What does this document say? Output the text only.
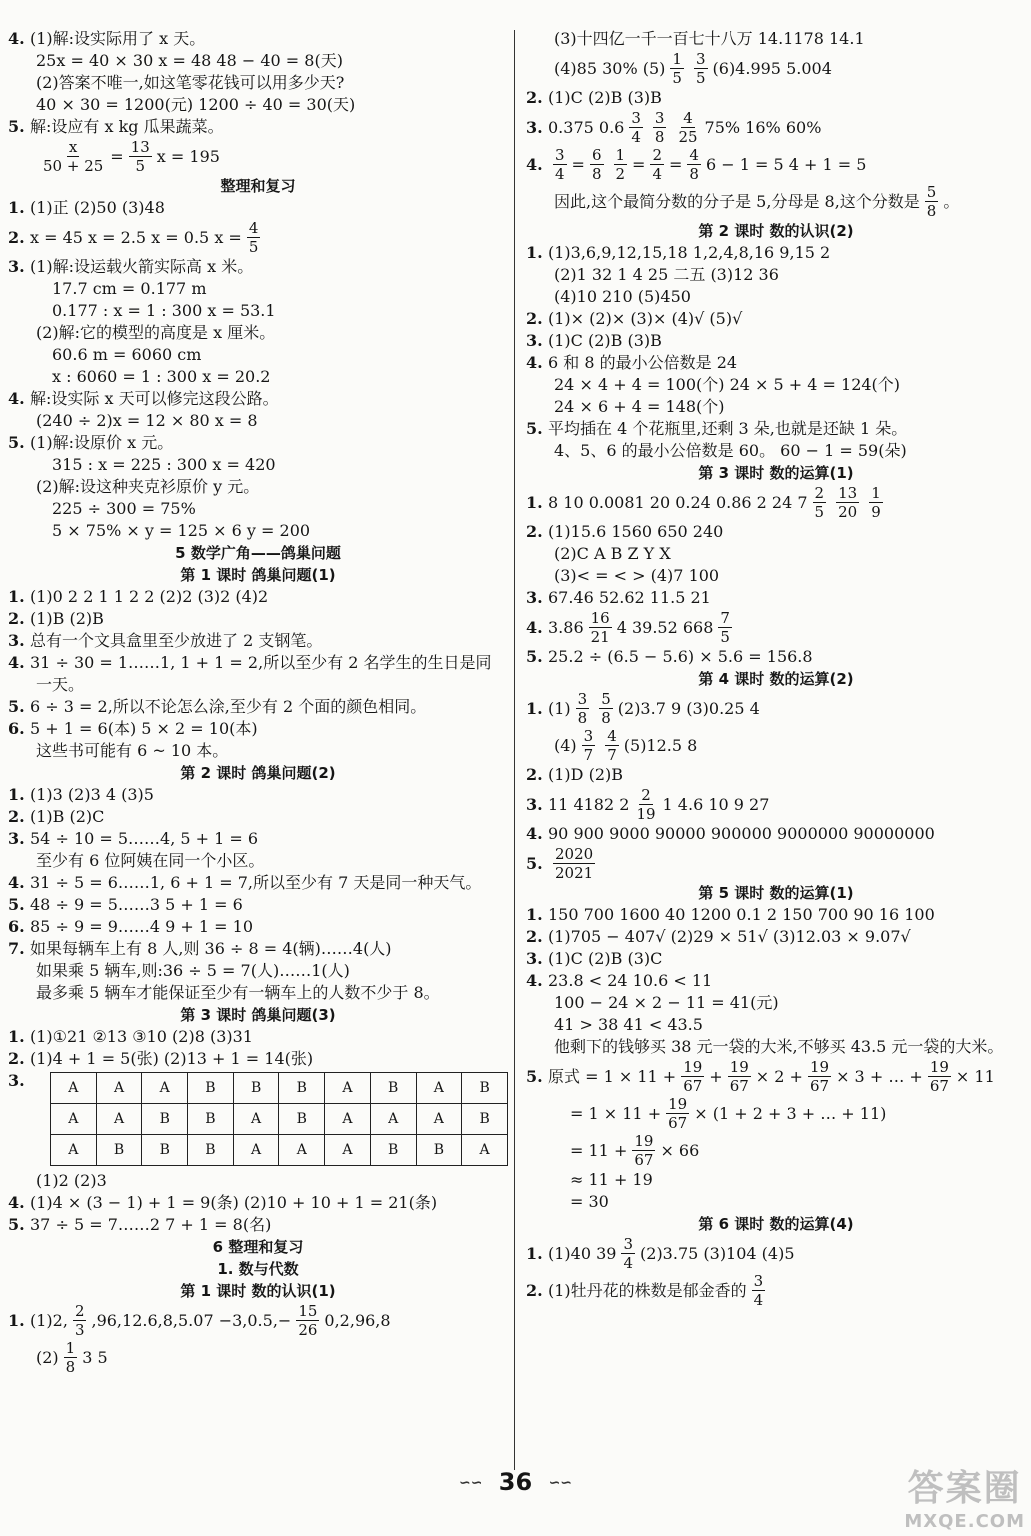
4. (1)解:设实际用了 x 天。
25x = 40 × 30 x = 48 48 − 40 = 8(天)
(2)答案不唯一,如这笔零花钱可以用多少天?
40 × 30 = 1200(元) 1200 ÷ 40 = 30(天)
5. 解:设应有 x kg 瓜果蔬菜。
$\frac{x}{50 + 25} = \frac{13}{5}$ x = 195
整理和复习
1. (1)正 (2)50 (3)48
2. x = 45 x = 2.5 x = 0.5 $x = \frac{4}{5}$
3. (1)解:设运载火箭实际高 x 米。
17.7 cm = 0.177 m
0.177 : x = 1 : 300 x = 53.1
(2)解:它的模型的高度是 x 厘米。
60.6 m = 6060 cm
x : 6060 = 1 : 300 x = 20.2
4. 解:设实际 x 天可以修完这段公路。
(240 ÷ 2)x = 12 × 80 x = 8
5. (1)解:设原价 x 元。
315 : x = 225 : 300 x = 420
(2)解:设这种夹克衫原价 y 元。
225 ÷ 300 = 75%
5 × 75% × y = 125 × 6 y = 200
5 数学广角——鸽巢问题
第 1 课时 鸽巢问题(1)
1. (1)0 2 2 1 1 2 2 (2)2 (3)2 (4)2
2. (1)B (2)B
3. 总有一个文具盒里至少放进了 2 支钢笔。
4. 31 ÷ 30 = 1……1, 1 + 1 = 2,所以至少有 2 名学生的生日是同
一天。
5. 6 ÷ 3 = 2,所以不论怎么涂,至少有 2 个面的颜色相同。
6. 5 + 1 = 6(本) 5 × 2 = 10(本)
这些书可能有 6 ~ 10 本。
第 2 课时 鸽巢问题(2)
1. (1)3 (2)3 4 (3)5
2. (1)B (2)C
3. 54 ÷ 10 = 5……4, 5 + 1 = 6
至少有 6 位阿姨在同一个小区。
4. 31 ÷ 5 = 6……1, 6 + 1 = 7,所以至少有 7 天是同一种天气。
5. 48 ÷ 9 = 5……3 5 + 1 = 6
6. 85 ÷ 9 = 9……4 9 + 1 = 10
7. 如果每辆车上有 8 人,则 36 ÷ 8 = 4(辆)……4(人)
如果乘 5 辆车,则:36 ÷ 5 = 7(人)……1(人)
最多乘 5 辆车才能保证至少有一辆车上的人数不少于 8。
第 3 课时 鸽巢问题(3)
1. (1)①21 ②13 ③10 (2)8 (3)31
2. (1)4 + 1 = 5(张) (2)13 + 1 = 14(张)
3.	A	A	A	B	B	B	A	B	A	B
A	A	B	B	A	B	A	A	A	B
A	B	B	B	A	A	A	B	B	A
(1)2 (2)3
4. (1)4 × (3 − 1) + 1 = 9(条) (2)10 + 10 + 1 = 21(条)
5. 37 ÷ 5 = 7……2 7 + 1 = 8(名)
6 整理和复习
1. 数与代数
第 1 课时 数的认识(1)
1. (1)2, $\frac{2}{3} ,96,12.6,8,5.07 -3,0.5,- \frac{15}{26} 0,2,96,8$
$(2) \frac{1}{8} 3$ 5
(3)十四亿一千一百七十八万 14.1178 14.1
(4)85 30% $(5) \frac{1}{5} \frac{3}{5} (6)4.995$ 5.004
2. (1)C (2)B (3)B
3. 0.375 $0.6 \frac{3}{4} \frac{3}{8} \frac{4}{25} 75\%$ 16% 60%
4. $\frac{3}{4} = \frac{6}{8} \frac{1}{2} = \frac{2}{4} = \frac{4}{8} 6 - 1 = 5$ 4 + 1 = 5
因此,这个最简分数的分子是 5,分母是 8,这个分数是 $\frac{5}{8}$ 。
第 2 课时 数的认识(2)
1. (1)3,6,9,12,15,18 1,2,4,8,16 9,15 2
(2)1 32 1 4 25 二五 (3)12 36
(4)10 210 (5)450
2. (1)× (2)× (3)× (4)√ (5)√
3. (1)C (2)B (3)B
4. 6 和 8 的最小公倍数是 24
24 × 4 + 4 = 100(个) 24 × 5 + 4 = 124(个)
24 × 6 + 4 = 148(个)
5. 平均插在 4 个花瓶里,还剩 3 朵,也就是还缺 1 朵。
4、5、6 的最小公倍数是 60。 60 − 1 = 59(朵)
第 3 课时 数的运算(1)
1. 8 10 0.0081 20 0.24 0.86 2 24 $7 \frac{2}{5} \frac{13}{20} \frac{1}{9}$
2. (1)15.6 1560 650 240
(2)C A B Z Y X
(3)< = < > (4)7 100
3. 67.46 52.62 11.5 21
4. $3.86 \frac{16}{21} 4$ 39.52 $668 \frac{7}{5}$
5. 25.2 ÷ (6.5 − 5.6) × 5.6 = 156.8
第 4 课时 数的运算(2)
1. $(1) \frac{3}{8} \frac{5}{8} (2)3.7$ 9 (3)0.25 4
$(4) \frac{3}{7} \frac{4}{7} (5)12.5$ 8
2. (1)D (2)B
3. 11 4182 $2 \frac{2}{19} 1$ 4.6 10 9 27
4. 90 900 9000 90000 900000 9000000 90000000
5. $\frac{2020}{2021}$
第 5 课时 数的运算(1)
1. 150 700 1600 40 1200 0.1 2 150 700 90 16 100
2. (1)705 − 407√ (2)29 × 51√ (3)12.03 × 9.07√
3. (1)C (2)B (3)C
4. 23.8 < 24 10.6 < 11
100 − 24 × 2 − 11 = 41(元)
41 > 38 41 < 43.5
他剩下的钱够买 38 元一袋的大米,不够买 43.5 元一袋的大米。
5. 原式 = $1 \times 11 + \frac{19}{67} + \frac{19}{67} \times 2 + \frac{19}{67} \times 3$ + … + $\frac{19}{67} \times 11$
= $1 \times 11 + \frac{19}{67} \times (1 + 2 + 3$ + … + 11)
= $11 + \frac{19}{67} \times 66$
≈ 11 + 19
= 30
第 6 课时 数的运算(4)
1. (1)40 $39 \frac{3}{4} (2)3.75$ (3)104 (4)5
2. (1)牡丹花的株数是郁金香的 $\frac{3}{4}$
∽∽ 36 ∽∽	答案圈
MXQE.COM
